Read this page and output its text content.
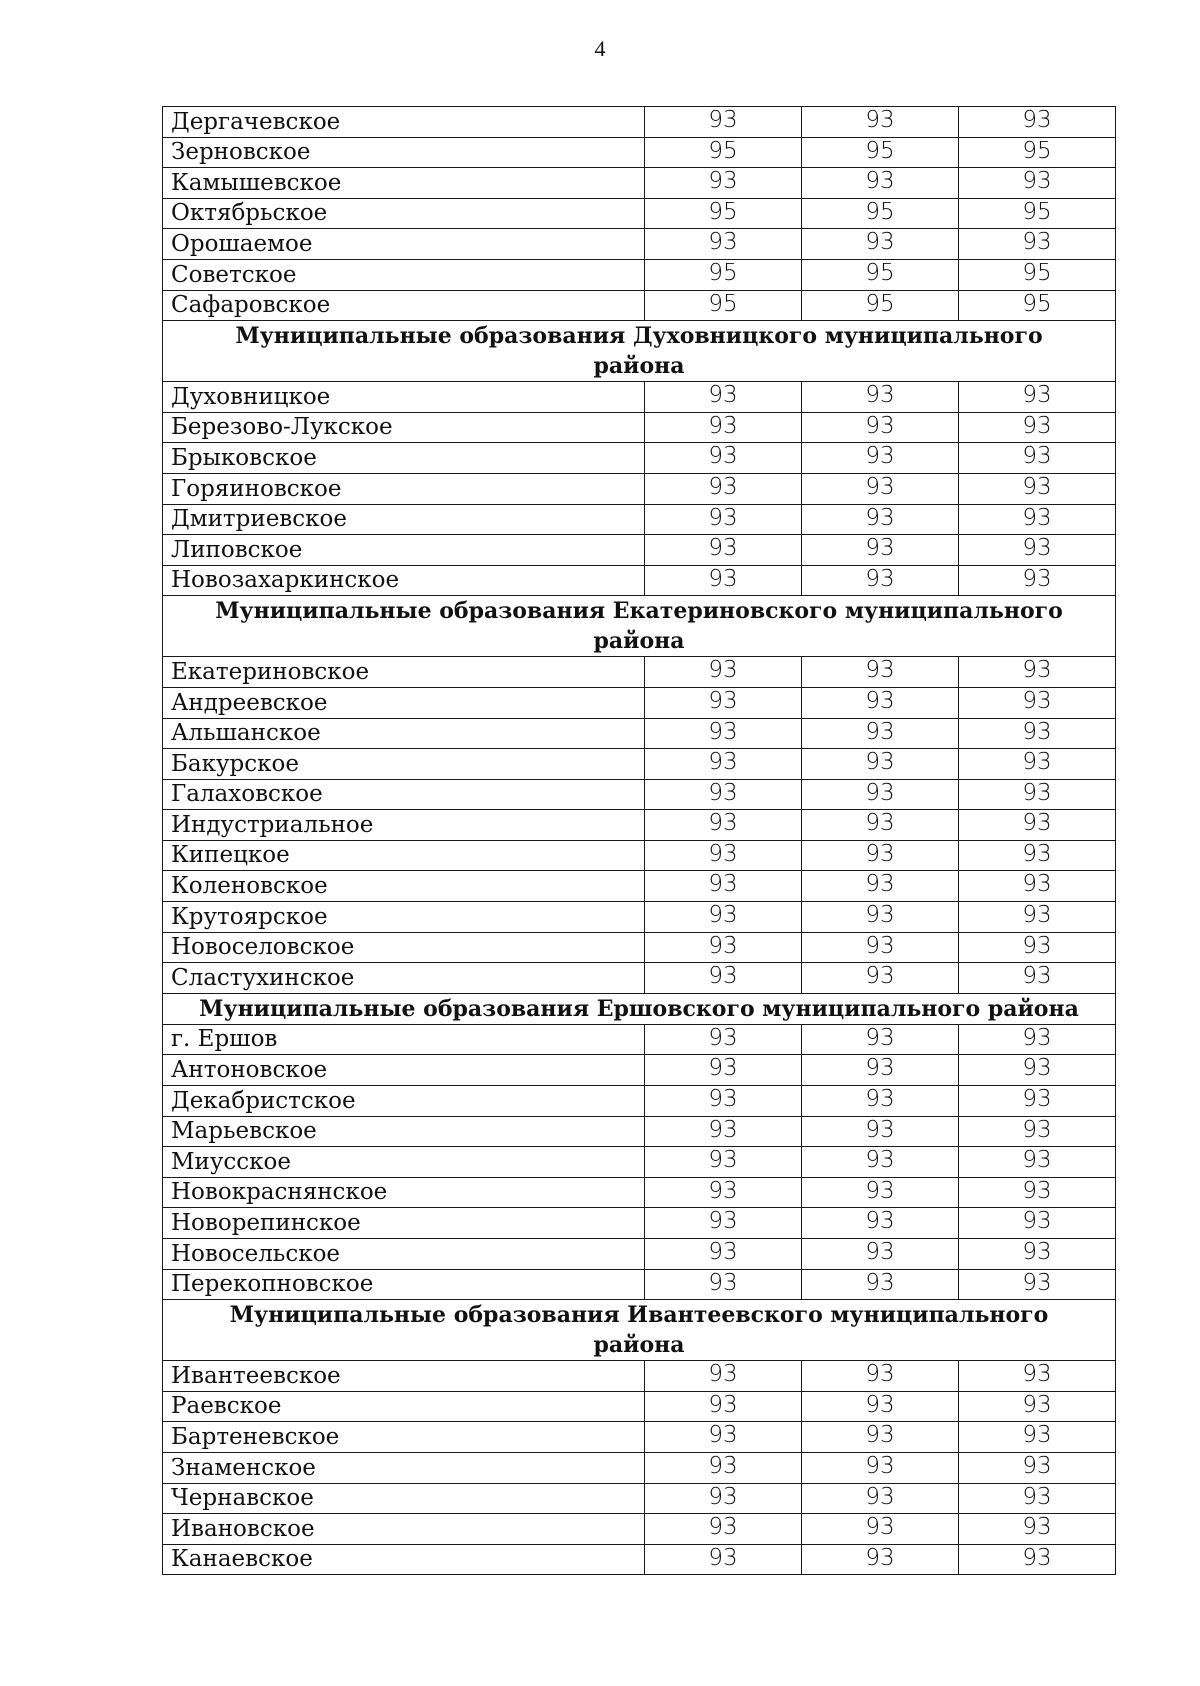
4
Дергачевское	93	93	93
Зерновское	95	95	95
Камышевское	93	93	93
Октябрьское	95	95	95
Орошаемое	93	93	93
Советское	95	95	95
Сафаровское	95	95	95
Муниципальные образования Духовницкого муниципального района			
Духовницкое	93	93	93
Березово-Лукское	93	93	93
Брыковское	93	93	93
Горяиновское	93	93	93
Дмитриевское	93	93	93
Липовское	93	93	93
Новозахаркинское	93	93	93
Муниципальные образования Екатериновского муниципального района			
Екатериновское	93	93	93
Андреевское	93	93	93
Альшанское	93	93	93
Бакурское	93	93	93
Галаховское	93	93	93
Индустриальное	93	93	93
Кипецкое	93	93	93
Коленовское	93	93	93
Крутоярское	93	93	93
Новоселовское	93	93	93
Сластухинское	93	93	93
Муниципальные образования Ершовского муниципального района			
г. Ершов	93	93	93
Антоновское	93	93	93
Декабристское	93	93	93
Марьевское	93	93	93
Миусское	93	93	93
Новокраснянское	93	93	93
Новорепинское	93	93	93
Новосельское	93	93	93
Перекопновское	93	93	93
Муниципальные образования Ивантеевского муниципального района			
Ивантеевское	93	93	93
Раевское	93	93	93
Бартеневское	93	93	93
Знаменское	93	93	93
Чернавское	93	93	93
Ивановское	93	93	93
Канаевское	93	93	93
